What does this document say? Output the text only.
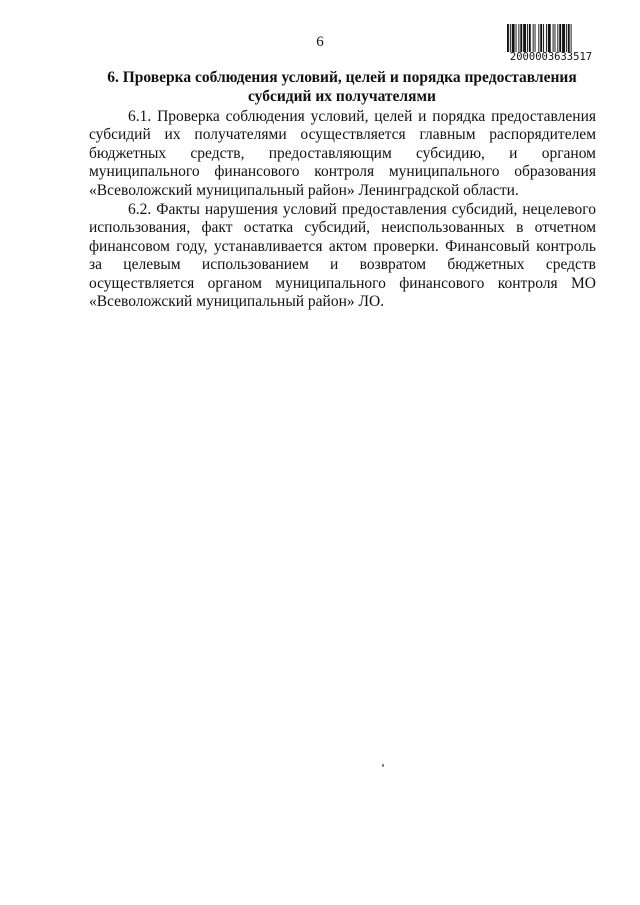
6
2000003633517
6. Проверка соблюдения условий, целей и порядка предоставления субсидий их получателями

6.1. Проверка соблюдения условий, целей и порядка предоставления субсидий их получателями осуществляется главным распорядителем бюджетных средств, предоставляющим субсидию, и органом муниципального финансового контроля муниципального образования «Всеволожский муниципальный район» Ленинградской области.

6.2. Факты нарушения условий предоставления субсидий, нецелевого использования, факт остатка субсидий, неиспользованных в отчетном финансовом году, устанавливается актом проверки. Финансовый контроль за целевым использованием и возвратом бюджетных средств осуществляется органом муниципального финансового контроля МО «Всеволожский муниципальный район» ЛО.
